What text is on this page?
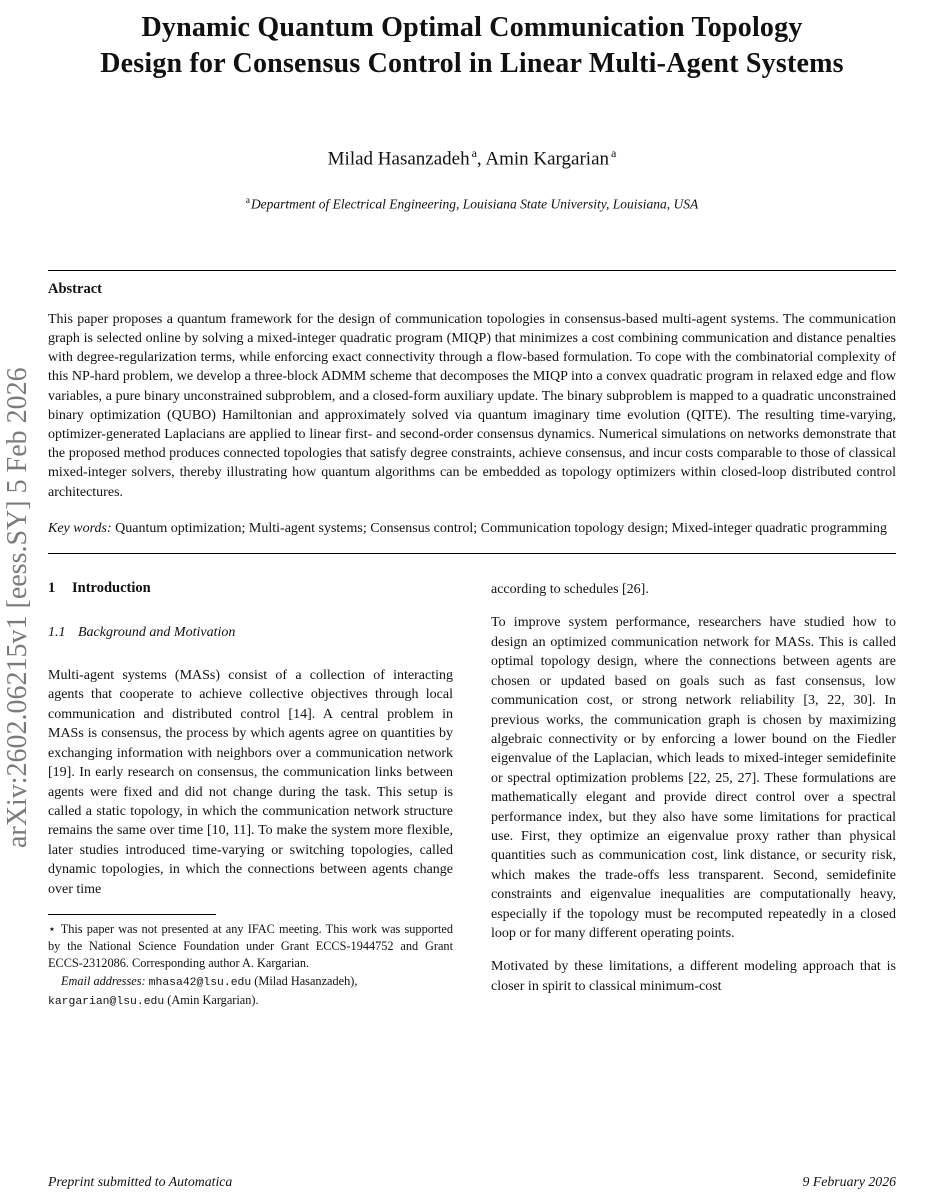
arXiv:2602.06215v1 [eess.SY] 5 Feb 2026
Dynamic Quantum Optimal Communication Topology
Design for Consensus Control in Linear Multi-Agent Systems
Milad Hasanzadeh $^a$, Amin Kargarian $^a$
$^a$Department of Electrical Engineering, Louisiana State University, Louisiana, USA
Abstract

This paper proposes a quantum framework for the design of communication topologies in consensus-based multi-agent systems. The communication graph is selected online by solving a mixed-integer quadratic program (MIQP) that minimizes a cost combining communication and distance penalties with degree-regularization terms, while enforcing exact connectivity through a flow-based formulation. To cope with the combinatorial complexity of this NP-hard problem, we develop a three-block ADMM scheme that decomposes the MIQP into a convex quadratic program in relaxed edge and flow variables, a pure binary unconstrained subproblem, and a closed-form auxiliary update. The binary subproblem is mapped to a quadratic unconstrained binary optimization (QUBO) Hamiltonian and approximately solved via quantum imaginary time evolution (QITE). The resulting time-varying, optimizer-generated Laplacians are applied to linear first- and second-order consensus dynamics. Numerical simulations on networks demonstrate that the proposed method produces connected topologies that satisfy degree constraints, achieve consensus, and incur costs comparable to those of classical mixed-integer solvers, thereby illustrating how quantum algorithms can be embedded as topology optimizers within closed-loop distributed control architectures.

Key words: Quantum optimization; Multi-agent systems; Consensus control; Communication topology design; Mixed-integer quadratic programming

1 Introduction
1.1 Background and Motivation

Multi-agent systems (MASs) consist of a collection of interacting agents that cooperate to achieve collective objectives through local communication and distributed control [14]. A central problem in MASs is consensus, the process by which agents agree on quantities by exchanging information with neighbors over a communication network [19]. In early research on consensus, the communication links between agents were fixed and did not change during the task. This setup is called a static topology, in which the communication network structure remains the same over time [10, 11]. To make the system more flexible, later studies introduced time-varying or switching topologies, called dynamic topologies, in which the connections between agents change over time

⋆ This paper was not presented at any IFAC meeting. This work was supported by the National Science Foundation under Grant ECCS-1944752 and Grant ECCS-2312086. Corresponding author A. Kargarian.

Email addresses: mhasa42@lsu.edu (Milad Hasanzadeh), kargarian@lsu.edu (Amin Kargarian).

according to schedules [26].

To improve system performance, researchers have studied how to design an optimized communication network for MASs. This is called optimal topology design, where the connections between agents are chosen or updated based on goals such as fast consensus, low communication cost, or strong network reliability [3, 22, 30]. In previous works, the communication graph is chosen by maximizing algebraic connectivity or by enforcing a lower bound on the Fiedler eigenvalue of the Laplacian, which leads to mixed-integer semidefinite or spectral optimization problems [22, 25, 27]. These formulations are mathematically elegant and provide direct control over a spectral performance index, but they also have some limitations for practical use. First, they optimize an eigenvalue proxy rather than physical quantities such as communication cost, link distance, or security risk, which makes the trade-offs less transparent. Second, semidefinite constraints and eigenvalue inequalities are computationally heavy, especially if the topology must be recomputed repeatedly in a closed loop or for many different operating points.

Motivated by these limitations, a different modeling approach that is closer in spirit to classical minimum-cost

Preprint submitted to Automatica	9 February 2026
